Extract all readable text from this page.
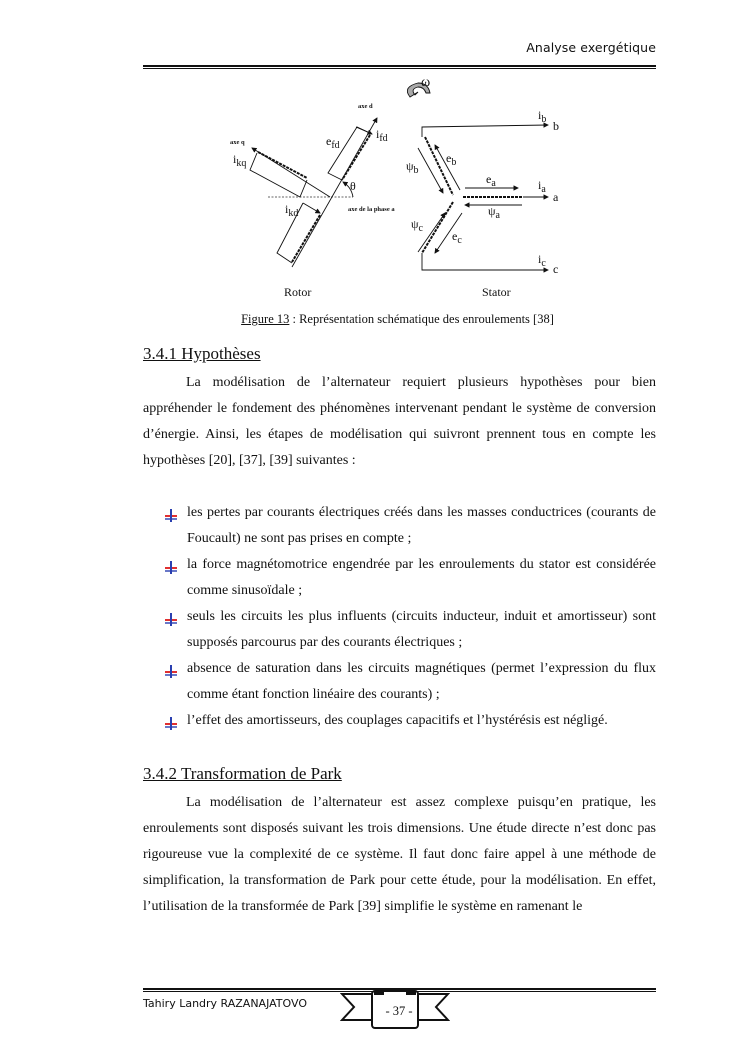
Analyse exergétique
ω
axe d
axe q
θ
axe de la phase a
$e_{fd}$
$i_{fd}$
$i_{kq}$
$i_{kd}$
$i_b$ b
$e_b$
$\psi_b$
$e_a$	$i_a$
a
$\psi_a$
$\psi_c$
$e_c$
$i_c$ c
Rotor	Stator
Figure 13 : Représentation schématique des enroulements [38]
3.4.1 Hypothèses
La modélisation de l’alternateur requiert plusieurs hypothèses pour bien appréhender le fondement des phénomènes intervenant pendant le système de conversion d’énergie. Ainsi, les étapes de modélisation qui suivront prennent tous en compte les hypothèses [20], [37], [39] suivantes :
les pertes par courants électriques créés dans les masses conductrices (courants de Foucault) ne sont pas prises en compte ;
la force magnétomotrice engendrée par les enroulements du stator est considérée comme sinusoïdale ;
seuls les circuits les plus influents (circuits inducteur, induit et amortisseur) sont supposés parcourus par des courants électriques ;
absence de saturation dans les circuits magnétiques (permet l’expression du flux comme étant fonction linéaire des courants) ;
l’effet des amortisseurs, des couplages capacitifs et l’hystérésis est négligé.
3.4.2 Transformation de Park
La modélisation de l’alternateur est assez complexe puisqu’en pratique, les enroulements sont disposés suivant les trois dimensions. Une étude directe n’est donc pas rigoureuse vue la complexité de ce système. Il faut donc faire appel à une méthode de simplification, la transformation de Park pour cette étude, pour la modélisation. En effet, l’utilisation de la transformée de Park [39] simplifie le système en ramenant le
Tahiry Landry RAZANAJATOVO
- 37 -
